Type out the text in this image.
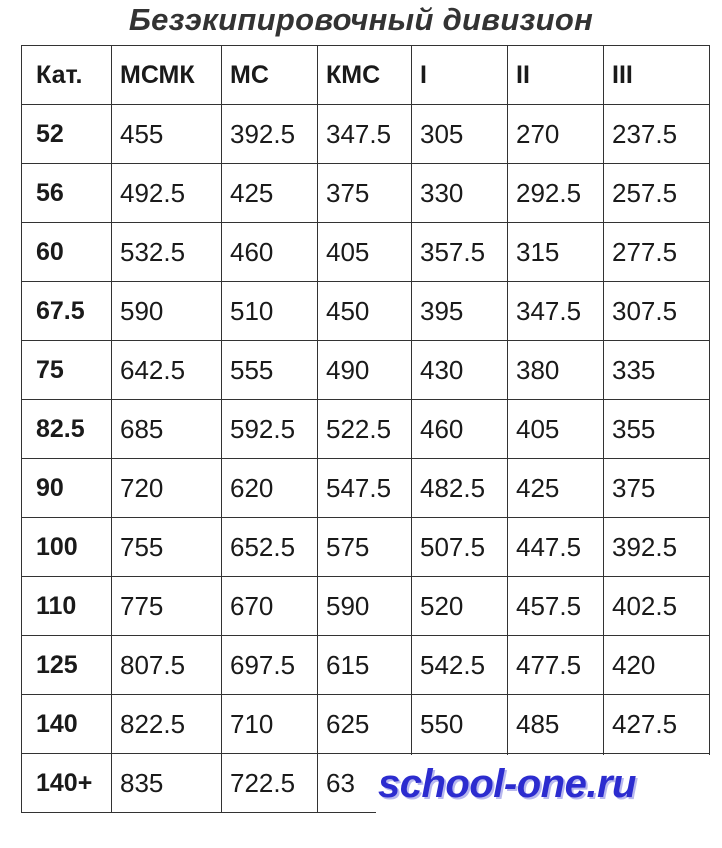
Безэкипировочный дивизион
Кат.	МСМК	МС	КМС	I	II	III
52	455	392.5	347.5	305	270	237.5
56	492.5	425	375	330	292.5	257.5
60	532.5	460	405	357.5	315	277.5
67.5	590	510	450	395	347.5	307.5
75	642.5	555	490	430	380	335
82.5	685	592.5	522.5	460	405	355
90	720	620	547.5	482.5	425	375
100	755	652.5	575	507.5	447.5	392.5
110	775	670	590	520	457.5	402.5
125	807.5	697.5	615	542.5	477.5	420
140	822.5	710	625	550	485	427.5
140+	835	722.5	63			school-one.ru
